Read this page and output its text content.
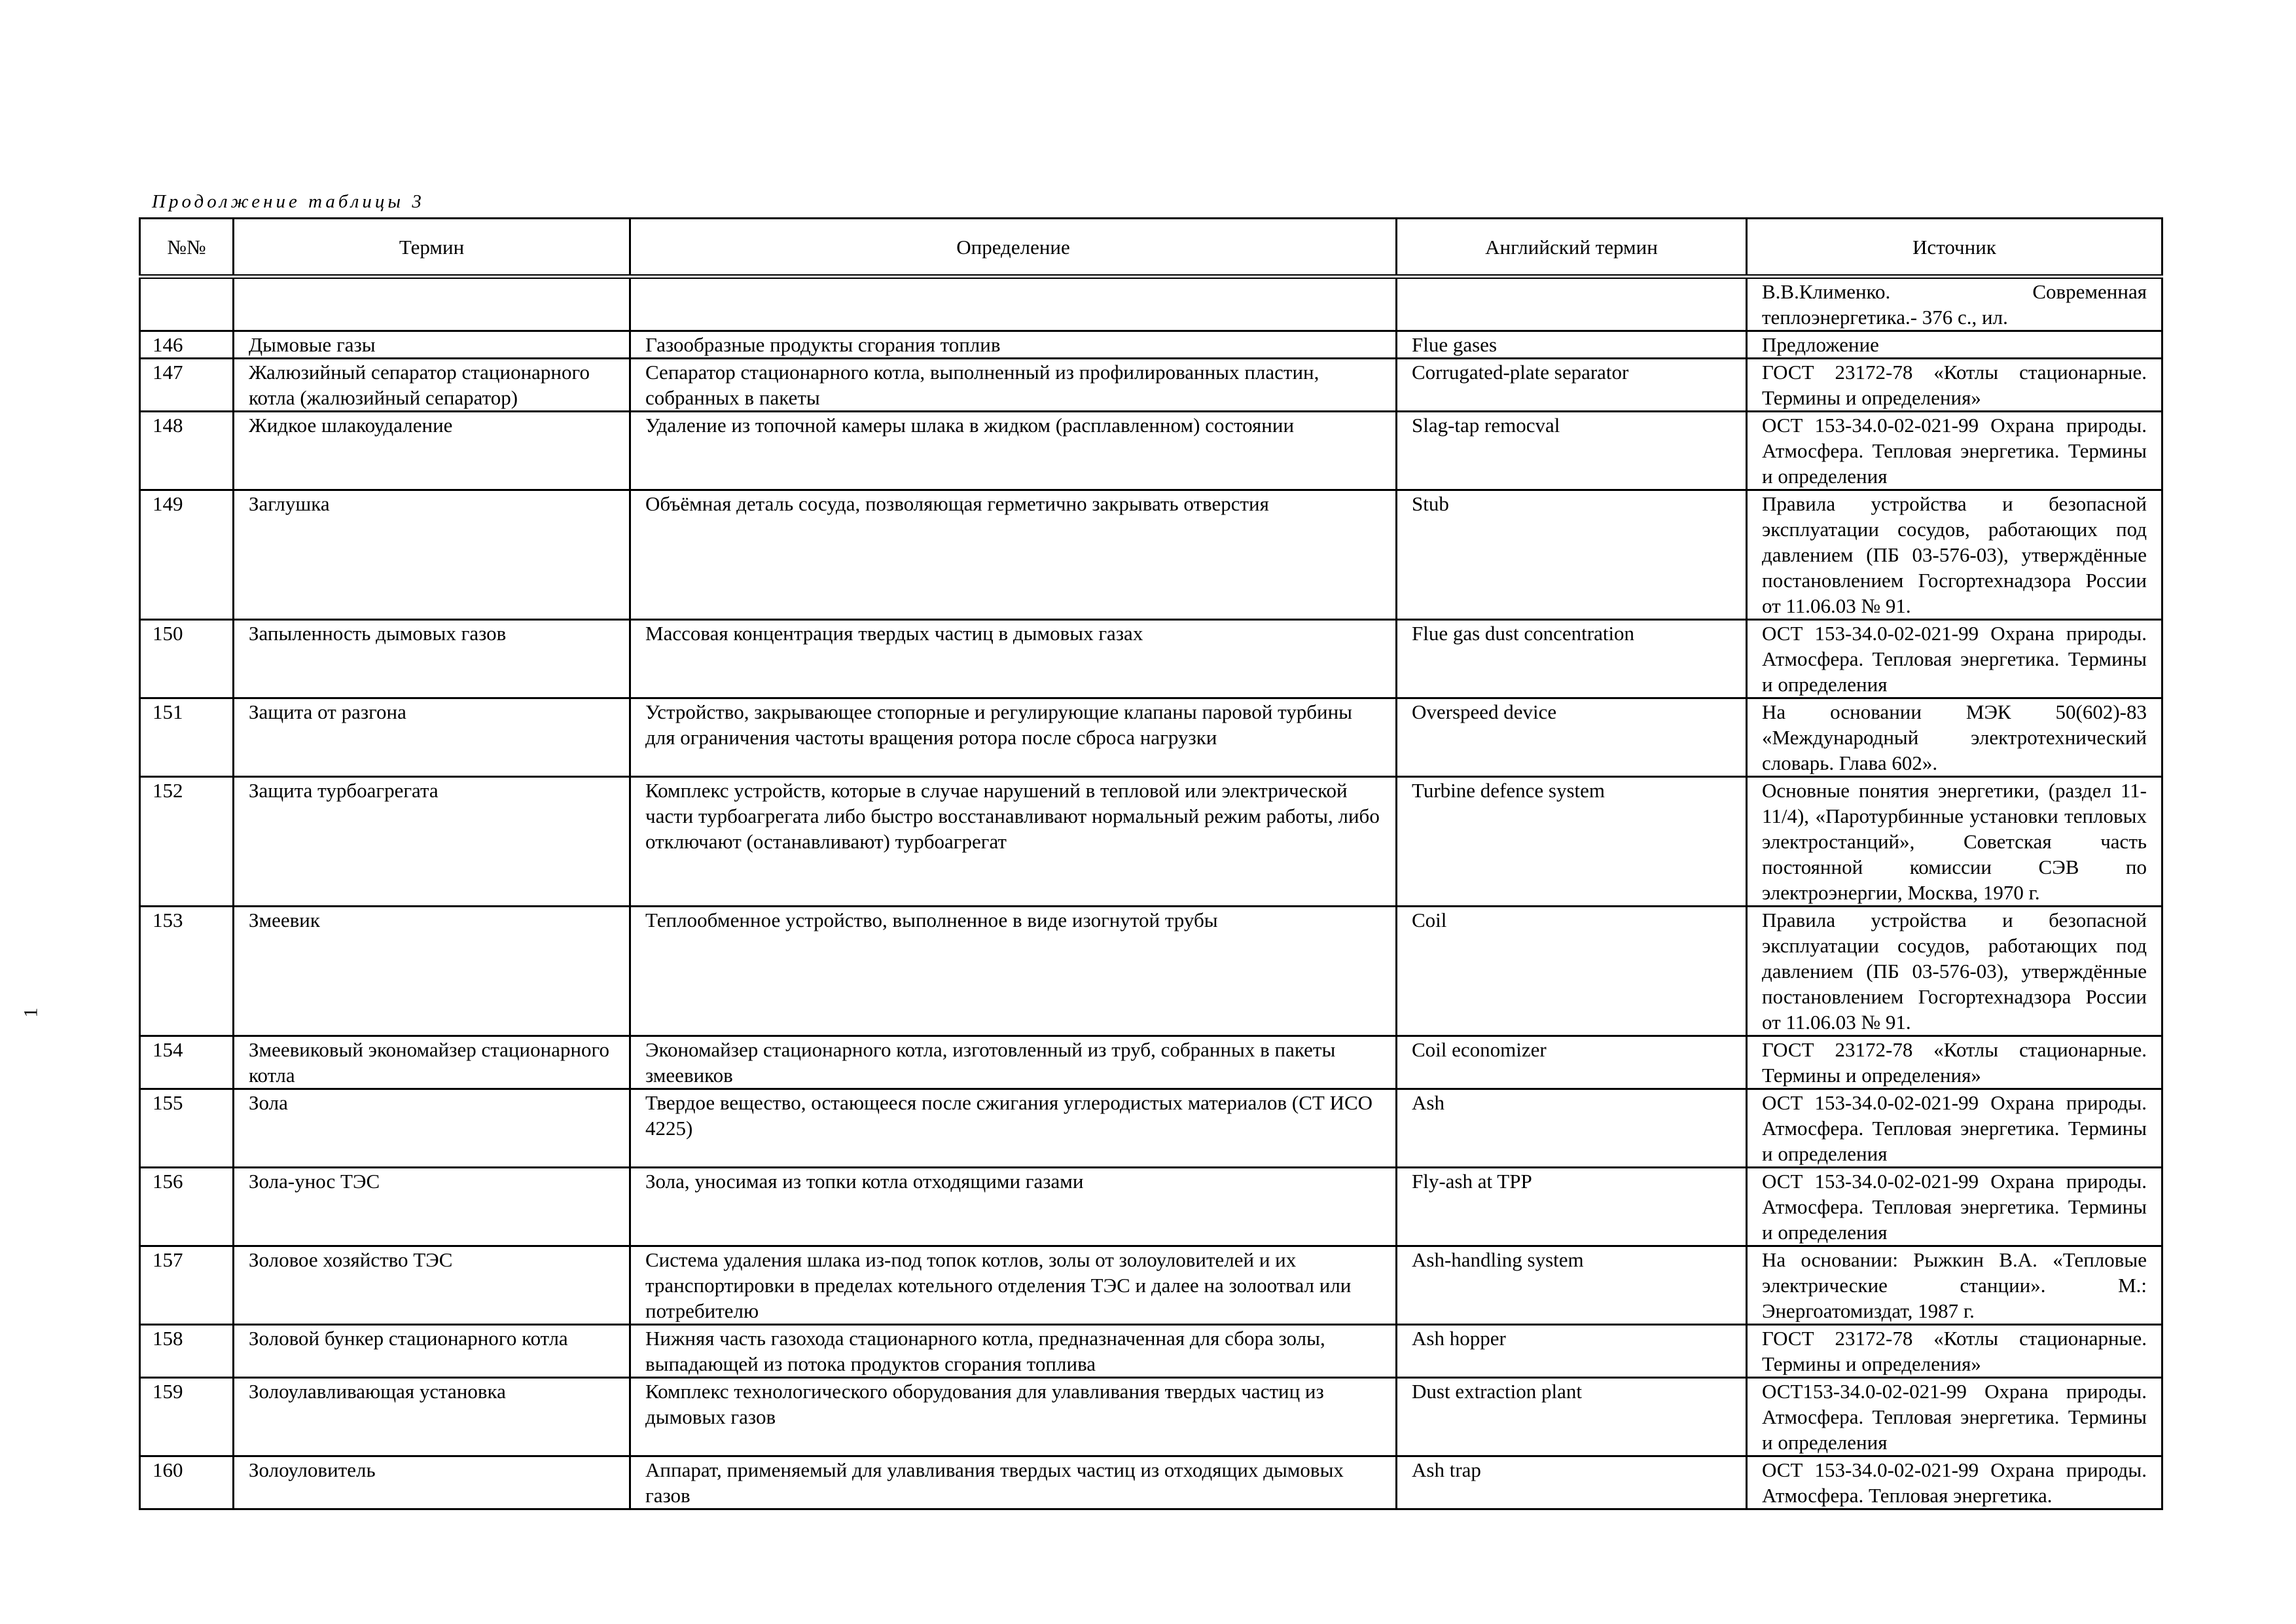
Продолжение таблицы 3
1
№№	Термин	Определение	Английский термин	Источник
				В.В.Клименко. Современная теплоэнергетика.- 376 с., ил.
146	Дымовые газы	Газообразные продукты сгорания топлив	Flue gases	Предложение
147	Жалюзийный сепаратор стационарного котла (жалюзийный сепаратор)	Сепаратор стационарного котла, выполненный из профилированных пластин, собранных в пакеты	Corrugated-plate separator	ГОСТ 23172-78 «Котлы стационарные. Термины и определения»
148	Жидкое шлакоудаление	Удаление из топочной камеры шлака в жидком (расплавленном) состоянии	Slag-tap remocval	ОСТ 153-34.0-02-021-99 Охрана природы. Атмосфера. Тепловая энергетика. Термины и определения
149	Заглушка	Объёмная деталь сосуда, позволяющая герметично закрывать отверстия	Stub	Правила устройства и безопасной эксплуатации сосудов, работающих под давлением (ПБ 03-576-03), утверждённые постановлением Госгортехнадзора России от 11.06.03 № 91.
150	Запыленность дымовых газов	Массовая концентрация твердых частиц в дымовых газах	Flue gas dust concentration	ОСТ 153-34.0-02-021-99 Охрана природы. Атмосфера. Тепловая энергетика. Термины и определения
151	Защита от разгона	Устройство, закрывающее стопорные и регулирующие клапаны паровой турбины для ограничения частоты вращения ротора после сброса нагрузки	Overspeed device	На основании МЭК 50(602)-83 «Международный электротехнический словарь. Глава 602».
152	Защита турбоагрегата	Комплекс устройств, которые в случае нарушений в тепловой или электрической части турбоагрегата либо быстро восстанавливают нормальный режим работы, либо отключают (останавливают) турбоагрегат	Turbine defence system	Основные понятия энергетики, (раздел 11-11/4), «Паротурбинные установки тепловых электростанций», Советская часть постоянной комиссии СЭВ по электроэнергии, Москва, 1970 г.
153	Змеевик	Теплообменное устройство, выполненное в виде изогнутой трубы	Coil	Правила устройства и безопасной эксплуатации сосудов, работающих под давлением (ПБ 03-576-03), утверждённые постановлением Госгортехнадзора России от 11.06.03 № 91.
154	Змеевиковый экономайзер стационарного котла	Экономайзер стационарного котла, изготовленный из труб, собранных в пакеты змеевиков	Coil economizer	ГОСТ 23172-78 «Котлы стационарные. Термины и определения»
155	Зола	Твердое вещество, остающееся после сжигания углеродистых материалов (СТ ИСО 4225)	Ash	ОСТ 153-34.0-02-021-99 Охрана природы. Атмосфера. Тепловая энергетика. Термины и определения
156	Зола-унос ТЭС	Зола, уносимая из топки котла отходящими газами	Fly-ash at TPP	ОСТ 153-34.0-02-021-99 Охрана природы. Атмосфера. Тепловая энергетика. Термины и определения
157	Золовое хозяйство ТЭС	Система удаления шлака из-под топок котлов, золы от золоуловителей и их транспортировки в пределах котельного отделения ТЭС и далее на золоотвал или потребителю	Ash-handling system	На основании: Рыжкин В.А. «Тепловые электрические станции». М.: Энергоатомиздат, 1987 г.
158	Золовой бункер стационарного котла	Нижняя часть газохода стационарного котла, предназначенная для сбора золы, выпадающей из потока продуктов сгорания топлива	Ash hopper	ГОСТ 23172-78 «Котлы стационарные. Термины и определения»
159	Золоулавливающая установка	Комплекс технологического оборудования для улавливания твердых частиц из дымовых газов	Dust extraction plant	ОСТ153-34.0-02-021-99 Охрана природы. Атмосфера. Тепловая энергетика. Термины и определения
160	Золоуловитель	Аппарат, применяемый для улавливания твердых частиц из отходящих дымовых газов	Ash trap	ОСТ 153-34.0-02-021-99 Охрана природы. Атмосфера. Тепловая энергетика.
